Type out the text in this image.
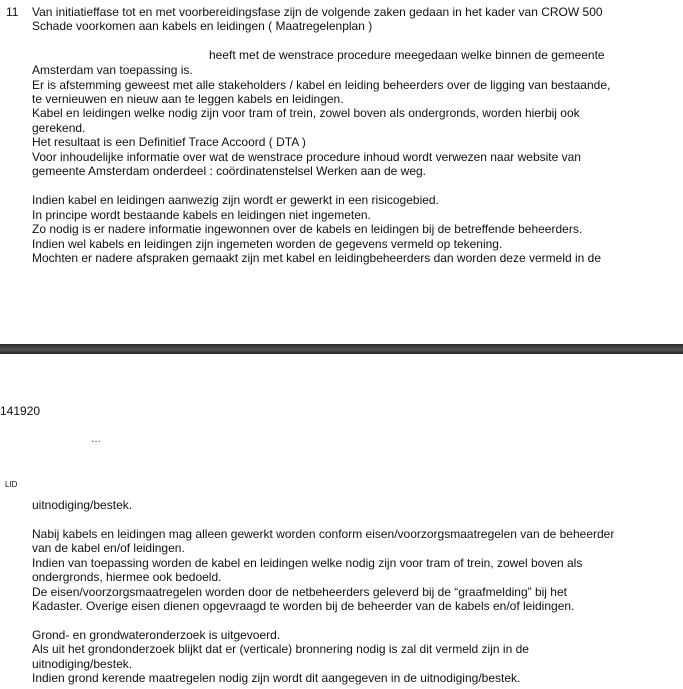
11 Van initiatieffase tot en met voorbereidingsfase zijn de volgende zaken gedaan in het kader van CROW 500
Schade voorkomen aan kabels en leidingen ( Maatregelenplan )
heeft met de wenstrace procedure meegedaan welke binnen de gemeente
Amsterdam van toepassing is.
Er is afstemming geweest met alle stakeholders / kabel en leiding beheerders over de ligging van bestaande,
te vernieuwen en nieuw aan te leggen kabels en leidingen.
Kabel en leidingen welke nodig zijn voor tram of trein, zowel boven als ondergronds, worden hierbij ook
gerekend.
Het resultaat is een Definitief Trace Accoord ( DTA )
Voor inhoudelijke informatie over wat de wenstrace procedure inhoud wordt verwezen naar website van
gemeente Amsterdam onderdeel : coördinatenstelsel Werken aan de weg.
Indien kabel en leidingen aanwezig zijn wordt er gewerkt in een risicogebied.
In principe wordt bestaande kabels en leidingen niet ingemeten.
Zo nodig is er nadere informatie ingewonnen over de kabels en leidingen bij de betreffende beheerders.
Indien wel kabels en leidingen zijn ingemeten worden de gegevens vermeld op tekening.
Mochten er nadere afspraken gemaakt zijn met kabel en leidingbeheerders dan worden deze vermeld in de
141920
...
LID
uitnodiging/bestek.
Nabij kabels en leidingen mag alleen gewerkt worden conform eisen/voorzorgsmaatregelen van de beheerder
van de kabel en/of leidingen.
Indien van toepassing worden de kabel en leidingen welke nodig zijn voor tram of trein, zowel boven als
ondergronds, hiermee ook bedoeld.
De eisen/voorzorgsmaatregelen worden door de netbeheerders geleverd bij de “graafmelding” bij het
Kadaster. Overige eisen dienen opgevraagd te worden bij de beheerder van de kabels en/of leidingen.
Grond- en grondwateronderzoek is uitgevoerd.
Als uit het grondonderzoek blijkt dat er (verticale) bronnering nodig is zal dit vermeld zijn in de
uitnodiging/bestek.
Indien grond kerende maatregelen nodig zijn wordt dit aangegeven in de uitnodiging/bestek.
